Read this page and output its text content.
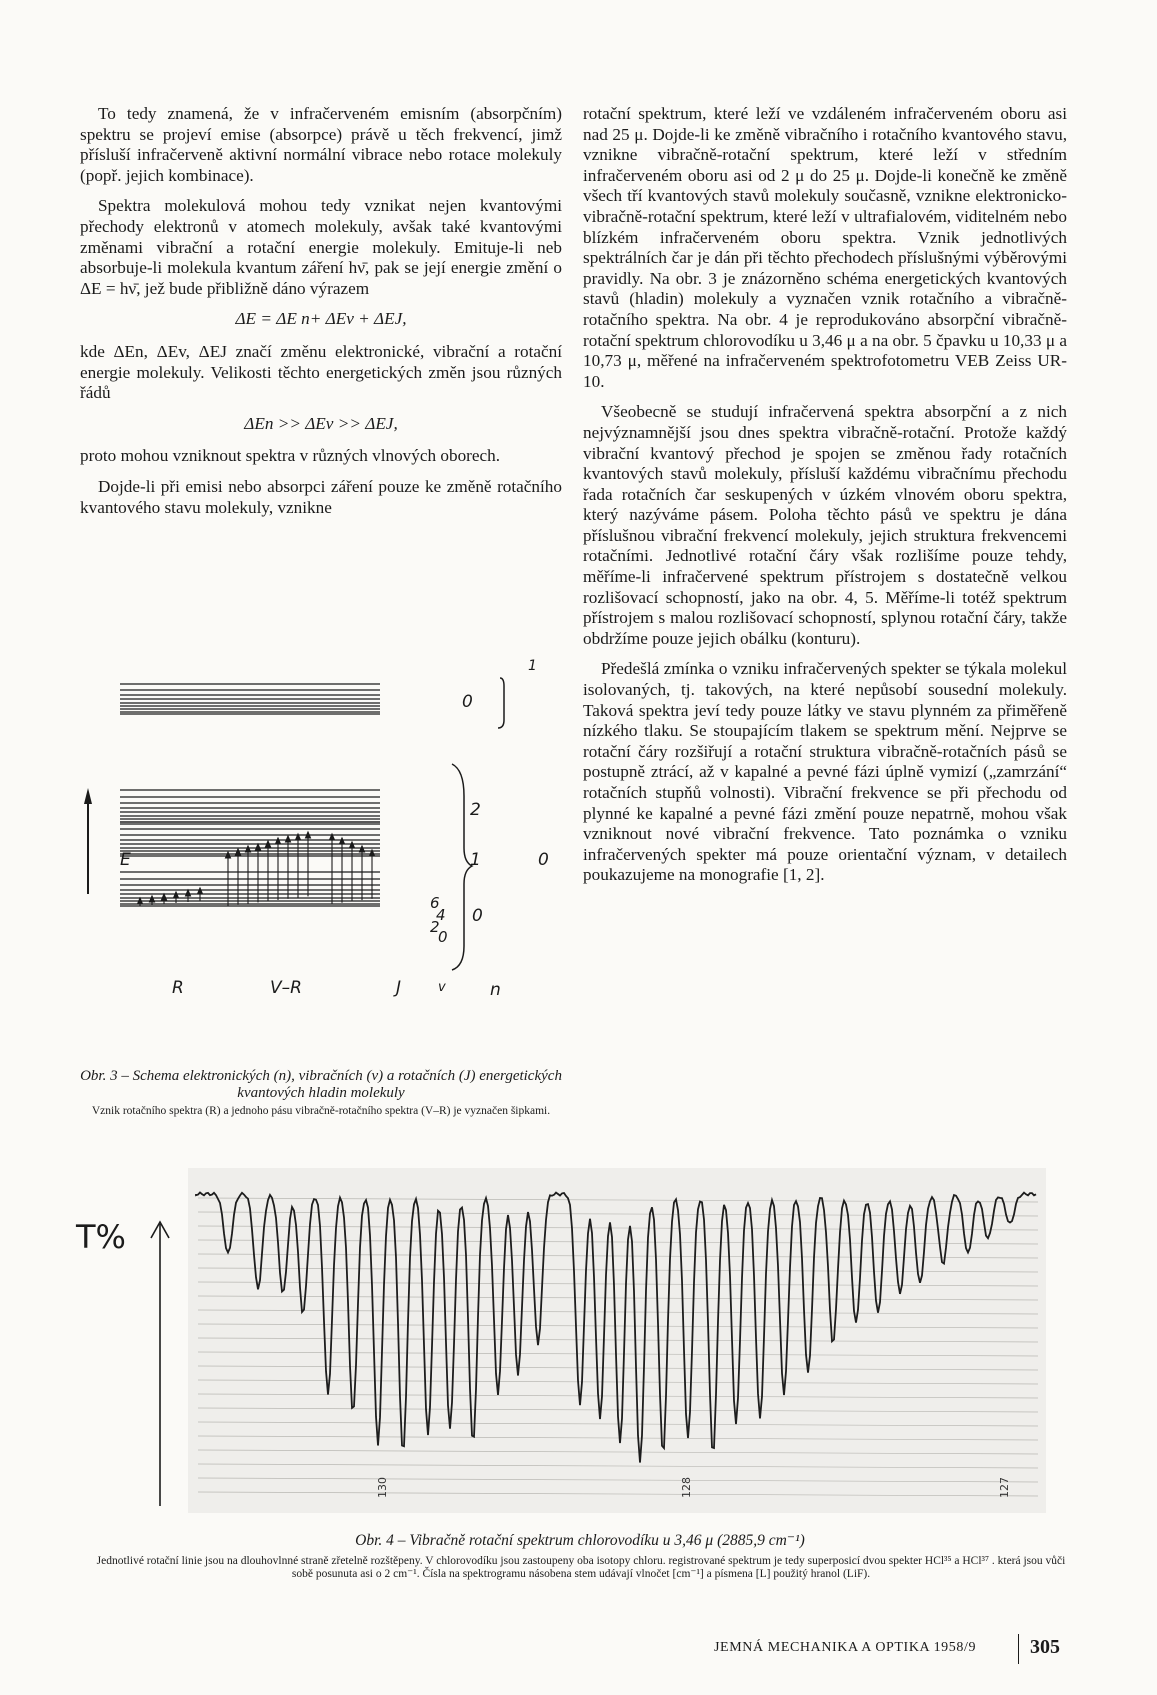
To tedy znamená, že v infračerveném emisním (absorpčním) spektru se projeví emise (absorpce) právě u těch frekvencí, jimž přísluší infračerveně aktivní normální vibrace nebo rotace molekuly (popř. jejich kombinace).

Spektra molekulová mohou tedy vznikat nejen kvantovými přechody elektronů v atomech molekuly, avšak také kvantovými změnami vibrační a rotační energie molekuly. Emituje-li neb absorbuje-li molekula kvantum záření hν̄, pak se její energie změní o ΔE = hν̄, jež bude přibližně dáno výrazem

ΔE = ΔE n+ ΔEv + ΔEJ,

kde ΔEn, ΔEv, ΔEJ značí změnu elektronické, vibrační a rotační energie molekuly. Velikosti těchto energetických změn jsou různých řádů

ΔEn >> ΔEv >> ΔEJ,

proto mohou vzniknout spektra v různých vlnových oborech.

Dojde-li při emisi nebo absorpci záření pouze ke změně rotačního kvantového stavu molekuly, vznikne

rotační spektrum, které leží ve vzdáleném infračerveném oboru asi nad 25 μ. Dojde-li ke změně vibračního i rotačního kvantového stavu, vznikne vibračně-rotační spektrum, které leží v středním infračerveném oboru asi od 2 μ do 25 μ. Dojde-li konečně ke změně všech tří kvantových stavů molekuly současně, vznikne elektronicko-vibračně-rotační spektrum, které leží v ultrafialovém, viditelném nebo blízkém infračerveném oboru spektra. Vznik jednotlivých spektrálních čar je dán při těchto přechodech příslušnými výběrovými pravidly. Na obr. 3 je znázorněno schéma energetických kvantových stavů (hladin) molekuly a vyznačen vznik rotačního a vibračně-rotačního spektra. Na obr. 4 je reprodukováno absorpční vibračně-rotační spektrum chlorovodíku u 3,46 μ a na obr. 5 čpavku u 10,33 μ a 10,73 μ, měřené na infračerveném spektrofotometru VEB Zeiss UR-10.

Všeobecně se studují infračervená spektra absorpční a z nich nejvýznamnější jsou dnes spektra vibračně-rotační. Protože každý vibrační kvantový přechod je spojen se změnou řady rotačních kvantových stavů molekuly, přísluší každému vibračnímu přechodu řada rotačních čar seskupených v úzkém vlnovém oboru spektra, který nazýváme pásem. Poloha těchto pásů ve spektru je dána příslušnou vibrační frekvencí molekuly, jejich struktura frekvencemi rotačními. Jednotlivé rotační čáry však rozlišíme pouze tehdy, měříme-li infračervené spektrum přístrojem s dostatečně velkou rozlišovací schopností, jako na obr. 4, 5. Měříme-li totéž spektrum přístrojem s malou rozlišovací schopností, splynou rotační čáry, takže obdržíme pouze jejich obálku (konturu).

Předešlá zmínka o vzniku infračervených spekter se týkala molekul isolovaných, tj. takových, na které nepůsobí sousední molekuly. Taková spektra jeví tedy pouze látky ve stavu plynném za přiměřeně nízkého tlaku. Se stoupajícím tlakem se spektrum mění. Nejprve se rotační čáry rozšiřují a rotační struktura vibračně-rotačních pásů se postupně ztrácí, až v kapalné a pevné fázi úplně vymizí („zamrzání“ rotačních stupňů volnosti). Vibrační frekvence se při přechodu od plynné ke kapalné a pevné fázi změní pouze nepatrně, mohou však vzniknout nové vibrační frekvence. Tato poznámka o vzniku infračervených spekter má pouze orientační význam, v detailech poukazujeme na monografie [1, 2].

E
0
1
2
1	0
6
4
2
0
0
R	V–R	J	v	n
Obr. 3 – Schema elektronických (n), vibračních (v) a rotačních (J) energetických kvantových hladin molekuly
Vznik rotačního spektra (R) a jednoho pásu vibračně-rotačního spektra (V–R) je vyznačen šipkami.
T%
130	128	127
Obr. 4 – Vibračně rotační spektrum chlorovodíku u 3,46 μ (2885,9 cm⁻¹)
Jednotlivé rotační linie jsou na dlouhovlnné straně zřetelně rozštěpeny. V chlorovodíku jsou zastoupeny oba isotopy chloru. registrované spektrum je tedy superposicí dvou spekter HCl³⁵ a HCl³⁷ . která jsou vůči sobě posunuta asi o 2 cm⁻¹. Čísla na spektrogramu násobena stem udávají vlnočet [cm⁻¹] a písmena [L] použitý hranol (LiF).
JEMNÁ MECHANIKA A OPTIKA 1958/9	305
